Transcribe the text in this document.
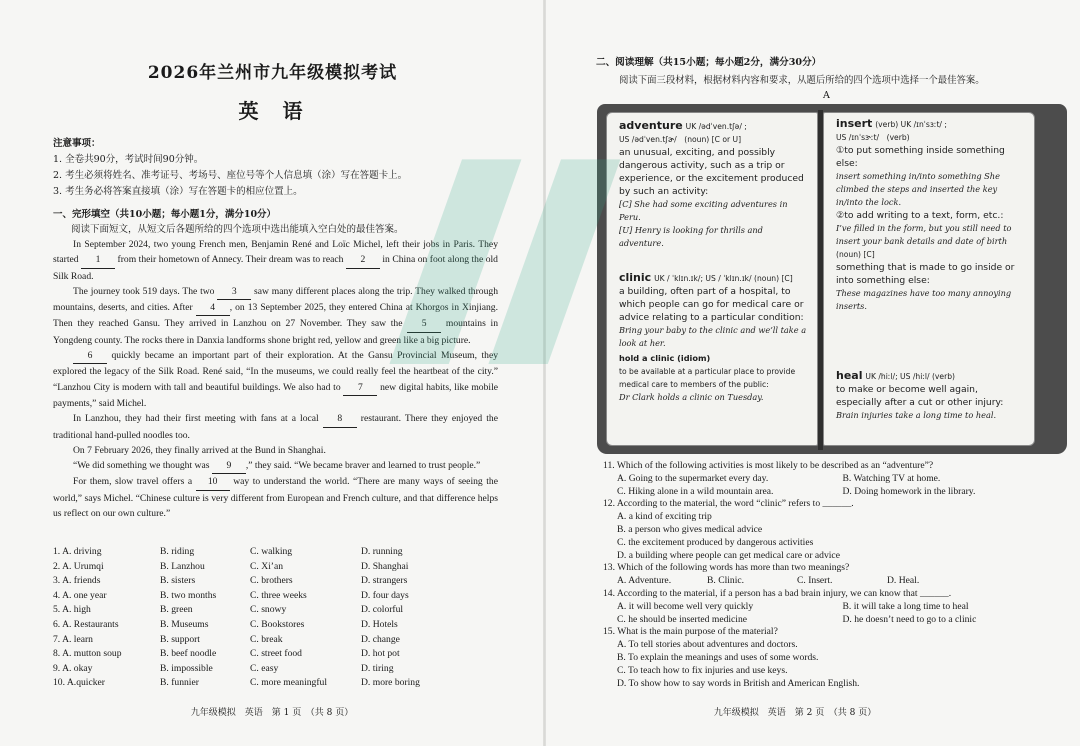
2026年兰州市九年级模拟考试
英语
注意事项：
1. 全卷共90分，考试时间90分钟。
2. 考生必须将姓名、准考证号、考场号、座位号等个人信息填（涂）写在答题卡上。
3. 考生务必将答案直接填（涂）写在答题卡的相应位置上。
一、完形填空（共10小题；每小题1分，满分10分）
阅读下面短文，从短文后各题所给的四个选项中选出能填入空白处的最佳答案。

In September 2024, two young French men, Benjamin René and Loïc Michel, left their jobs in Paris. They started 1 from their hometown of Annecy. Their dream was to reach 2 in China on foot along the old Silk Road.

The journey took 519 days. The two 3 saw many different places along the trip. They walked through mountains, deserts, and cities. After 4 , on 13 September 2025, they entered China at Khorgos in Xinjiang. Then they reached Gansu. They arrived in Lanzhou on 27 November. They saw the 5 mountains in Yongdeng county. The rocks there in Danxia landforms shone bright red, yellow and green like a big picture.

6 quickly became an important part of their exploration. At the Gansu Provincial Museum, they explored the legacy of the Silk Road. René said, “In the museums, we could really feel the heartbeat of the city.” “Lanzhou City is modern with tall and beautiful buildings. We also had to 7 new digital habits, like mobile payments,” said Michel.

In Lanzhou, they had their first meeting with fans at a local 8 restaurant. There they enjoyed the traditional hand-pulled noodles too.

On 7 February 2026, they finally arrived at the Bund in Shanghai.

“We did something we thought was 9 ,” they said. “We became braver and learned to trust people.”

For them, slow travel offers a 10 way to understand the world. “There are many ways of seeing the world,” says Michel. “Chinese culture is very different from European and French culture, and that difference helps us reflect on our own culture.”

1. A. driving	B. riding	C. walking	D. running
2. A. Urumqi	B. Lanzhou	C. Xi’an	D. Shanghai
3. A. friends	B. sisters	C. brothers	D. strangers
4. A. one year	B. two months	C. three weeks	D. four days
5. A. high	B. green	C. snowy	D. colorful
6. A. Restaurants	B. Museums	C. Bookstores	D. Hotels
7. A. learn	B. support	C. break	D. change
8. A. mutton soup	B. beef noodle	C. street food	D. hot pot
9. A. okay	B. impossible	C. easy	D. tiring
10. A.quicker	B. funnier	C. more meaningful	D. more boring
九年级模拟　英语　第 1 页　（共 8 页）
二、阅读理解（共15小题；每小题2分，满分30分）
阅读下面三段材料，根据材料内容和要求，从题后所给的四个选项中选择一个最佳答案。
A
adventure UK /ədˈven.tʃə/ ;
US /ədˈven.tʃɚ/　(noun) [C or U]
an unusual, exciting, and possibly dangerous activity, such as a trip or experience, or the excitement produced by such an activity:
[C] She had some exciting adventures in Peru.
[U] Henry is looking for thrills and adventure.
clinic UK / ˈklɪn.ɪk/; US / ˈklɪn.ɪk/ (noun) [C]
a building, often part of a hospital, to which people can go for medical care or advice relating to a particular condition:
Bring your baby to the clinic and we’ll take a look at her.
hold a clinic (idiom)
to be available at a particular place to provide medical care to members of the public:
Dr Clark holds a clinic on Tuesday.
insert (verb) UK /ɪnˈsɜːt/ ;
US /ɪnˈsɝːt/　(verb)
①to put something inside something else:
insert something in/into something She climbed the steps and inserted the key in/into the lock.
②to add writing to a text, form, etc.:
I’ve filled in the form, but you still need to insert your bank details and date of birth
(noun) [C]
something that is made to go inside or into something else:
These magazines have too many annoying inserts.
heal UK /hiːl/; US /hiːl/ (verb)
to make or become well again, especially after a cut or other injury:
Brain injuries take a long time to heal.
11. Which of the following activities is most likely to be described as an “adventure”?
A. Going to the supermarket every day.	B. Watching TV at home.
C. Hiking alone in a wild mountain area.	D. Doing homework in the library.
12. According to the material, the word “clinic” refers to ______.
A. a kind of exciting trip
B. a person who gives medical advice
C. the excitement produced by dangerous activities
D. a building where people can get medical care or advice
13. Which of the following words has more than two meanings?
A. Adventure.	B. Clinic.	C. Insert.	D. Heal.
14. According to the material, if a person has a bad brain injury, we can know that ______.
A. it will become well very quickly	B. it will take a long time to heal
C. he should be inserted medicine	D. he doesn’t need to go to a clinic
15. What is the main purpose of the material?
A. To tell stories about adventures and doctors.
B. To explain the meanings and uses of some words.
C. To teach how to fix injuries and use keys.
D. To show how to say words in British and American English.
九年级模拟　英语　第 2 页　（共 8 页）
